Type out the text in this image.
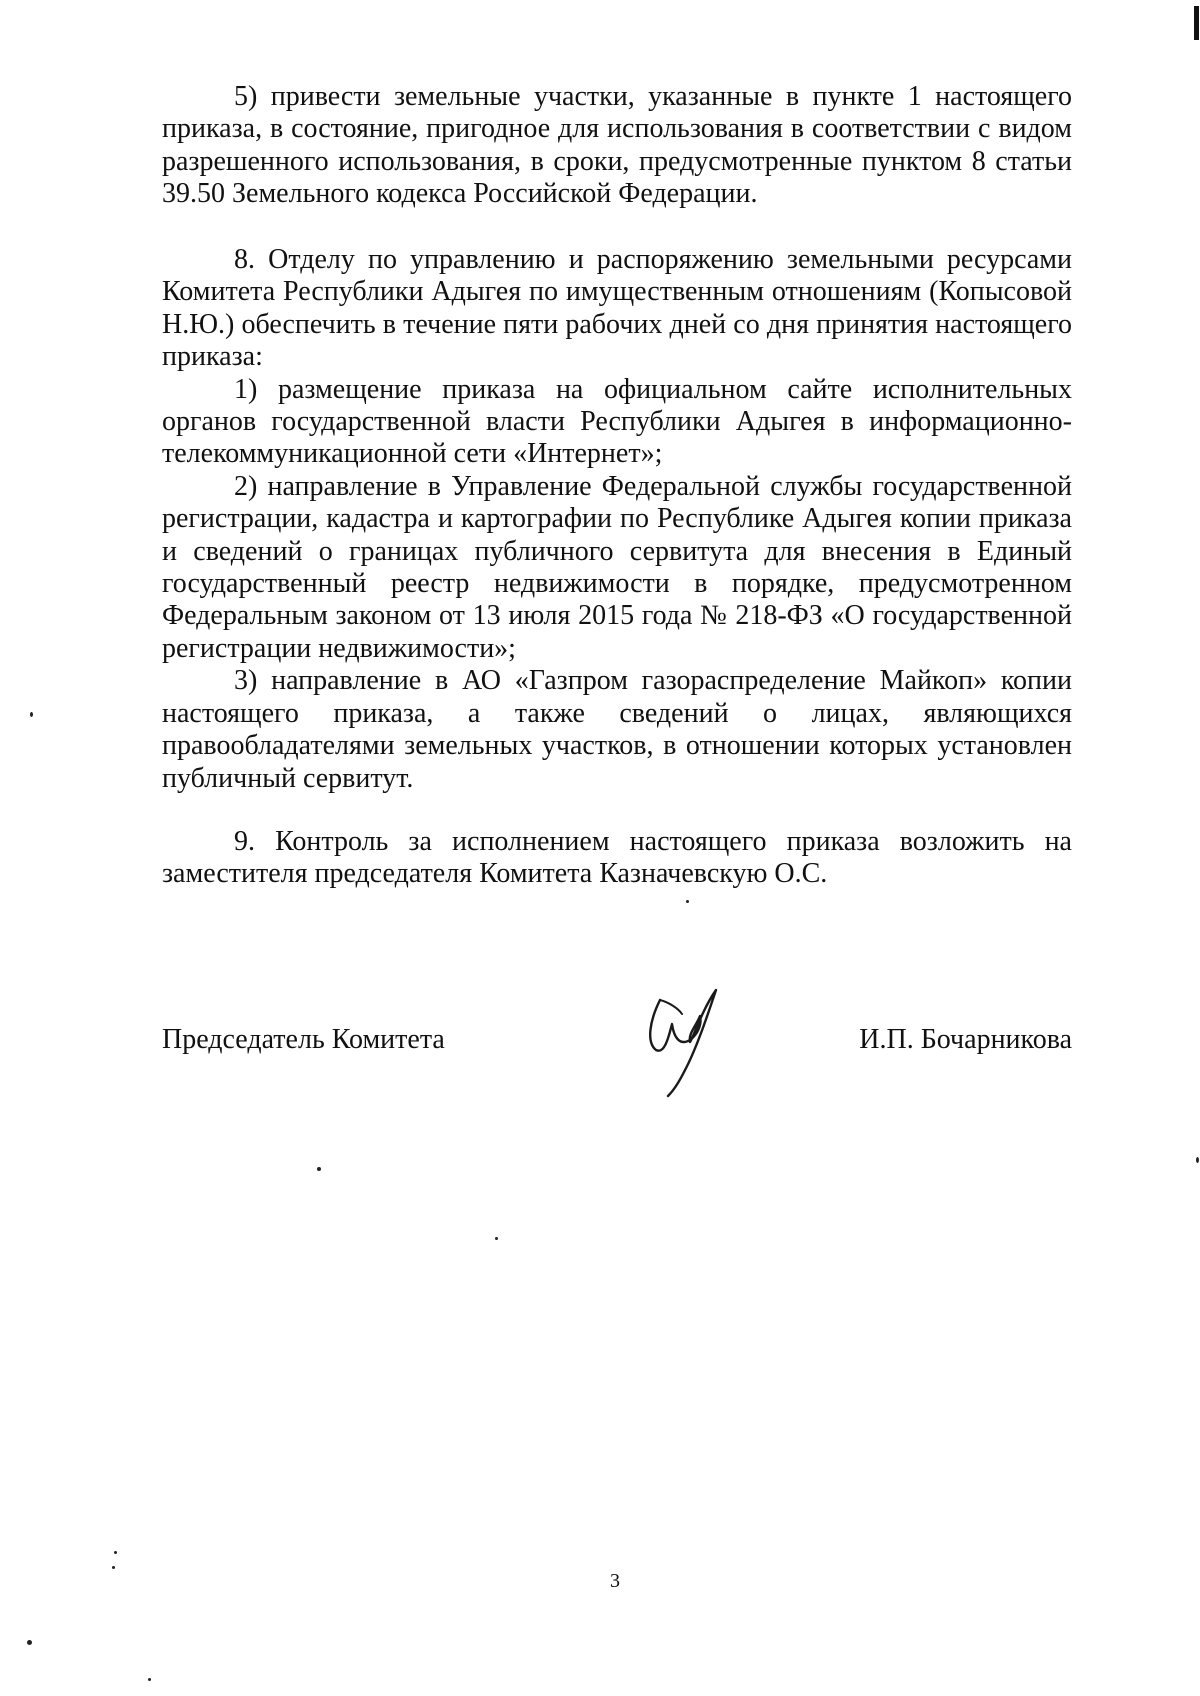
5) привести земельные участки, указанные в пункте 1 настоящего приказа, в состояние, пригодное для использования в соответствии с видом разрешенного использования, в сроки, предусмотренные пунктом 8 статьи 39.50 Земельного кодекса Российской Федерации.

8. Отделу по управлению и распоряжению земельными ресурсами Комитета Республики Адыгея по имущественным отношениям (Копысовой Н.Ю.) обеспечить в течение пяти рабочих дней со дня принятия настоящего приказа:

1) размещение приказа на официальном сайте исполнительных органов государственной власти Республики Адыгея в информационно-телекоммуникационной сети «Интернет»;

2) направление в Управление Федеральной службы государственной регистрации, кадастра и картографии по Республике Адыгея копии приказа и сведений о границах публичного сервитута для внесения в Единый государственный реестр недвижимости в порядке, предусмотренном Федеральным законом от 13 июля 2015 года № 218-ФЗ «О государственной регистрации недвижимости»;

3) направление в АО «Газпром газораспределение Майкоп» копии настоящего приказа, а также сведений о лицах, являющихся правообладателями земельных участков, в отношении которых установлен публичный сервитут.

9. Контроль за исполнением настоящего приказа возложить на заместителя председателя Комитета Казначевскую О.С.

Председатель Комитета	И.П. Бочарникова
3
